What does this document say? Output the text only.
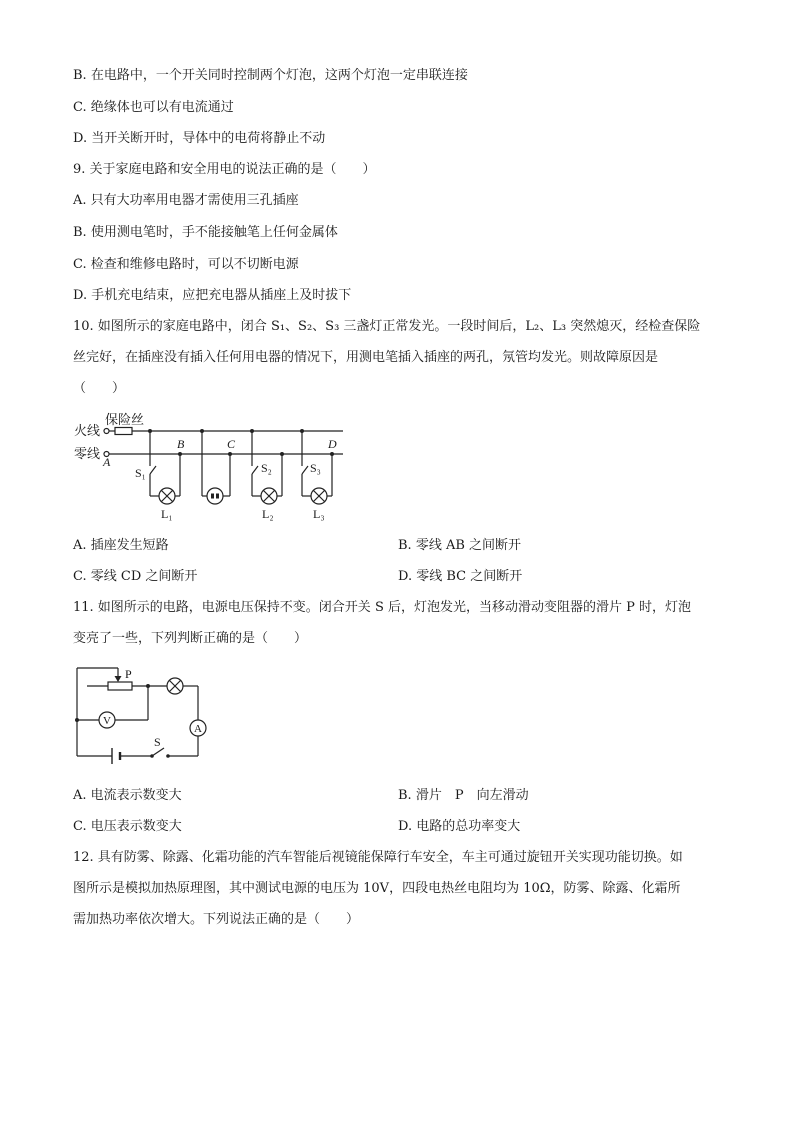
B. 在电路中，一个开关同时控制两个灯泡，这两个灯泡一定串联连接
C. 绝缘体也可以有电流通过
D. 当开关断开时，导体中的电荷将静止不动
9. 关于家庭电路和安全用电的说法正确的是（　　）
A. 只有大功率用电器才需使用三孔插座
B. 使用测电笔时，手不能接触笔上任何金属体
C. 检查和维修电路时，可以不切断电源
D. 手机充电结束，应把充电器从插座上及时拔下
10. 如图所示的家庭电路中，闭合 S₁、S₂、S₃ 三盏灯正常发光。一段时间后，L₂、L₃ 突然熄灭，经检查保险
丝完好，在插座没有插入任何用电器的情况下，用测电笔插入插座的两孔，氖管均发光。则故障原因是
（　　）
火线
零线
保险丝
A
B	C	D
S₁	S₂	S₃
L₁	L₂	L₃
A. 插座发生短路	B. 零线 AB 之间断开
C. 零线 CD 之间断开	D. 零线 BC 之间断开
11. 如图所示的电路，电源电压保持不变。闭合开关 S 后，灯泡发光，当移动滑动变阻器的滑片 P 时，灯泡
变亮了一些，下列判断正确的是（　　）
P
V
A
S
A. 电流表示数变大	B. 滑片　P　向左滑动
C. 电压表示数变大	D. 电路的总功率变大
12. 具有防雾、除露、化霜功能的汽车智能后视镜能保障行车安全，车主可通过旋钮开关实现功能切换。如
图所示是模拟加热原理图，其中测试电源的电压为 10V，四段电热丝电阻均为 10Ω，防雾、除露、化霜所
需加热功率依次增大。下列说法正确的是（　　）
